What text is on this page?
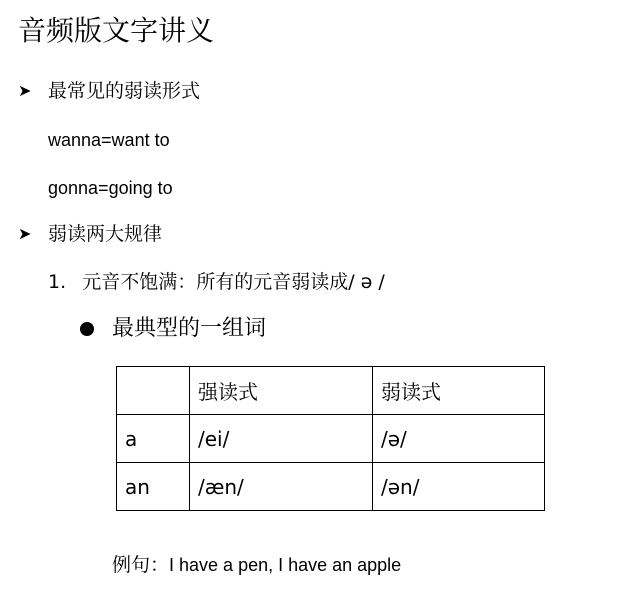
音频版文字讲义
➤ 最常见的弱读形式
wanna=want to
gonna=going to
➤ 弱读两大规律
1. 元音不饱满：所有的元音弱读成/ ə /
最典型的一组词
	强读式	弱读式
a	/ei/	/ə/
an	/æn/	/ən/
例句：I have a pen, I have an apple
